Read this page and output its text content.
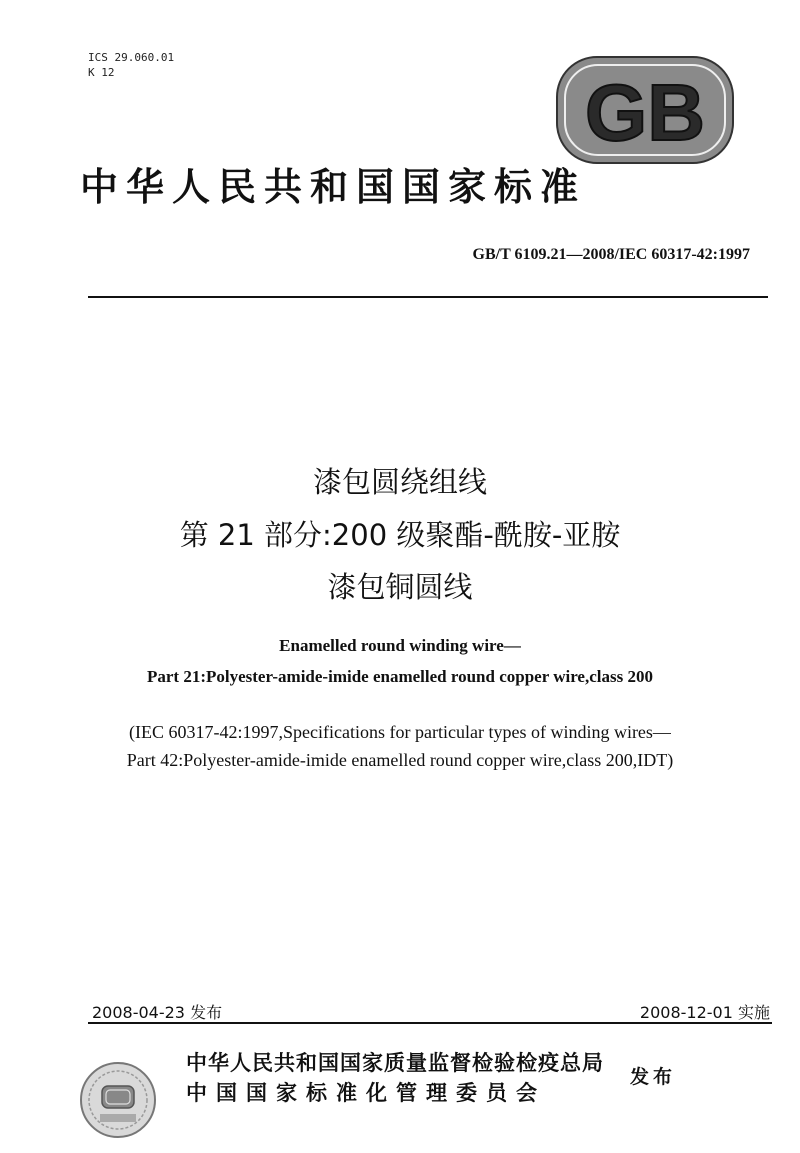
ICS 29.060.01
K 12	GB
中华人民共和国国家标准
GB/T 6109.21—2008/IEC 60317-42:1997
漆包圆绕组线
第 21 部分:200 级聚酯-酰胺-亚胺
漆包铜圆线
Enamelled round winding wire—
Part 21:Polyester-amide-imide enamelled round copper wire,class 200
(IEC 60317-42:1997,Specifications for particular types of winding wires—
Part 42:Polyester-amide-imide enamelled round copper wire,class 200,IDT)
2008-04-23 发布	2008-12-01 实施
中华人民共和国国家质量监督检验检疫总局
中国国家标准化管理委员会
发布
